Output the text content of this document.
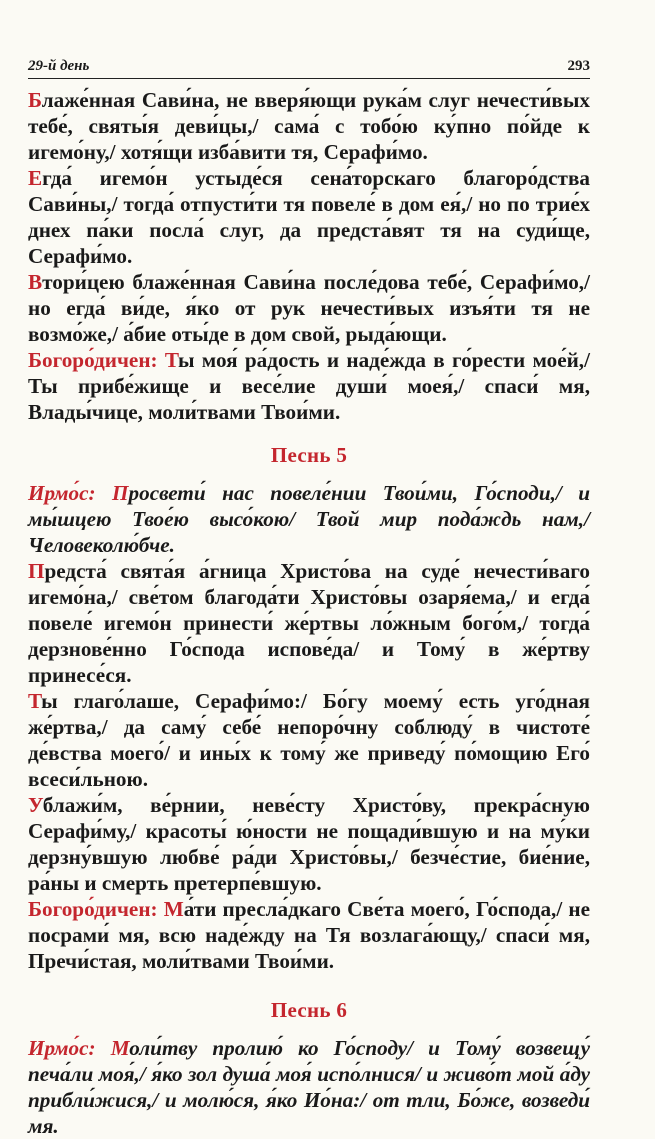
29-й день	293

Блаже́нная Сави́на, не вверя́ющи рука́м слуг нечести́вых тебе́, святы́я деви́цы,/ сама́ с тобо́ю ку́пно по́йде к игемо́ну,/ хотя́щи изба́вити тя, Серафи́мо.

Егда́ игемо́н устыде́ся сена́торскаго благоро́дства Сави́ны,/ тогда́ отпусти́ти тя повеле́ в дом ея́,/ но по трие́х днех па́ки посла́ слуг, да предста́вят тя на суди́ще, Серафи́мо.

Втори́цею блаже́нная Сави́на после́дова тебе́, Серафи́мо,/ но егда́ ви́де, я́ко от рук нечести́вых изъя́ти тя не возмо́же,/ а́бие оты́де в дом свой, рыда́ющи.

Богоро́дичен: Ты моя́ ра́дость и наде́жда в го́рести мое́й,/ Ты прибе́жище и весе́лие души́ моея́,/ спаси́ мя, Влады́чице, моли́твами Твои́ми.

Песнь 5

Ирмо́с: Просвети́ нас повеле́нии Твои́ми, Го́споди,/ и мы́шцею Твое́ю высо́кою/ Твой мир пода́ждь нам,/ Человеколю́бче.

Предста́ свята́я а́гница Христо́ва на суде́ нечести́ваго игемо́на,/ све́том благода́ти Христо́вы озаря́ема,/ и егда́ повеле́ игемо́н принести́ же́ртвы ло́жным бого́м,/ тогда́ дерзнове́нно Го́спода испове́да/ и Тому́ в же́ртву принесе́ся.

Ты глаго́лаше, Серафи́мо:/ Бо́гу моему́ есть уго́дная же́ртва,/ да саму́ себе́ непоро́чну соблюду́ в чистоте́ де́вства моего́/ и ины́х к тому́ же приведу́ по́мощию Его́ всеси́льною.

Ублажи́м, ве́рнии, неве́сту Христо́ву, прекра́сную Серафи́му,/ красоты́ ю́ности не пощади́вшую и на му́ки дерзну́вшую любве́ ра́ди Христо́вы,/ безче́стие, бие́ние, ра́ны и смерть претерпе́вшую.

Богоро́дичен: Ма́ти пресла́дкаго Све́та моего́, Го́спода,/ не посрами́ мя, всю наде́жду на Тя возлага́ющу,/ спаси́ мя, Пречи́стая, моли́твами Твои́ми.

Песнь 6

Ирмо́с: Моли́тву пролию́ ко Го́споду/ и Тому́ возвещу́ печа́ли моя́,/ я́ко зол душа́ моя́ испо́лнися/ и живо́т мой а́ду прибли́жися,/ и молю́ся, я́ко Ио́на:/ от тли, Бо́же, возведи́ мя.
